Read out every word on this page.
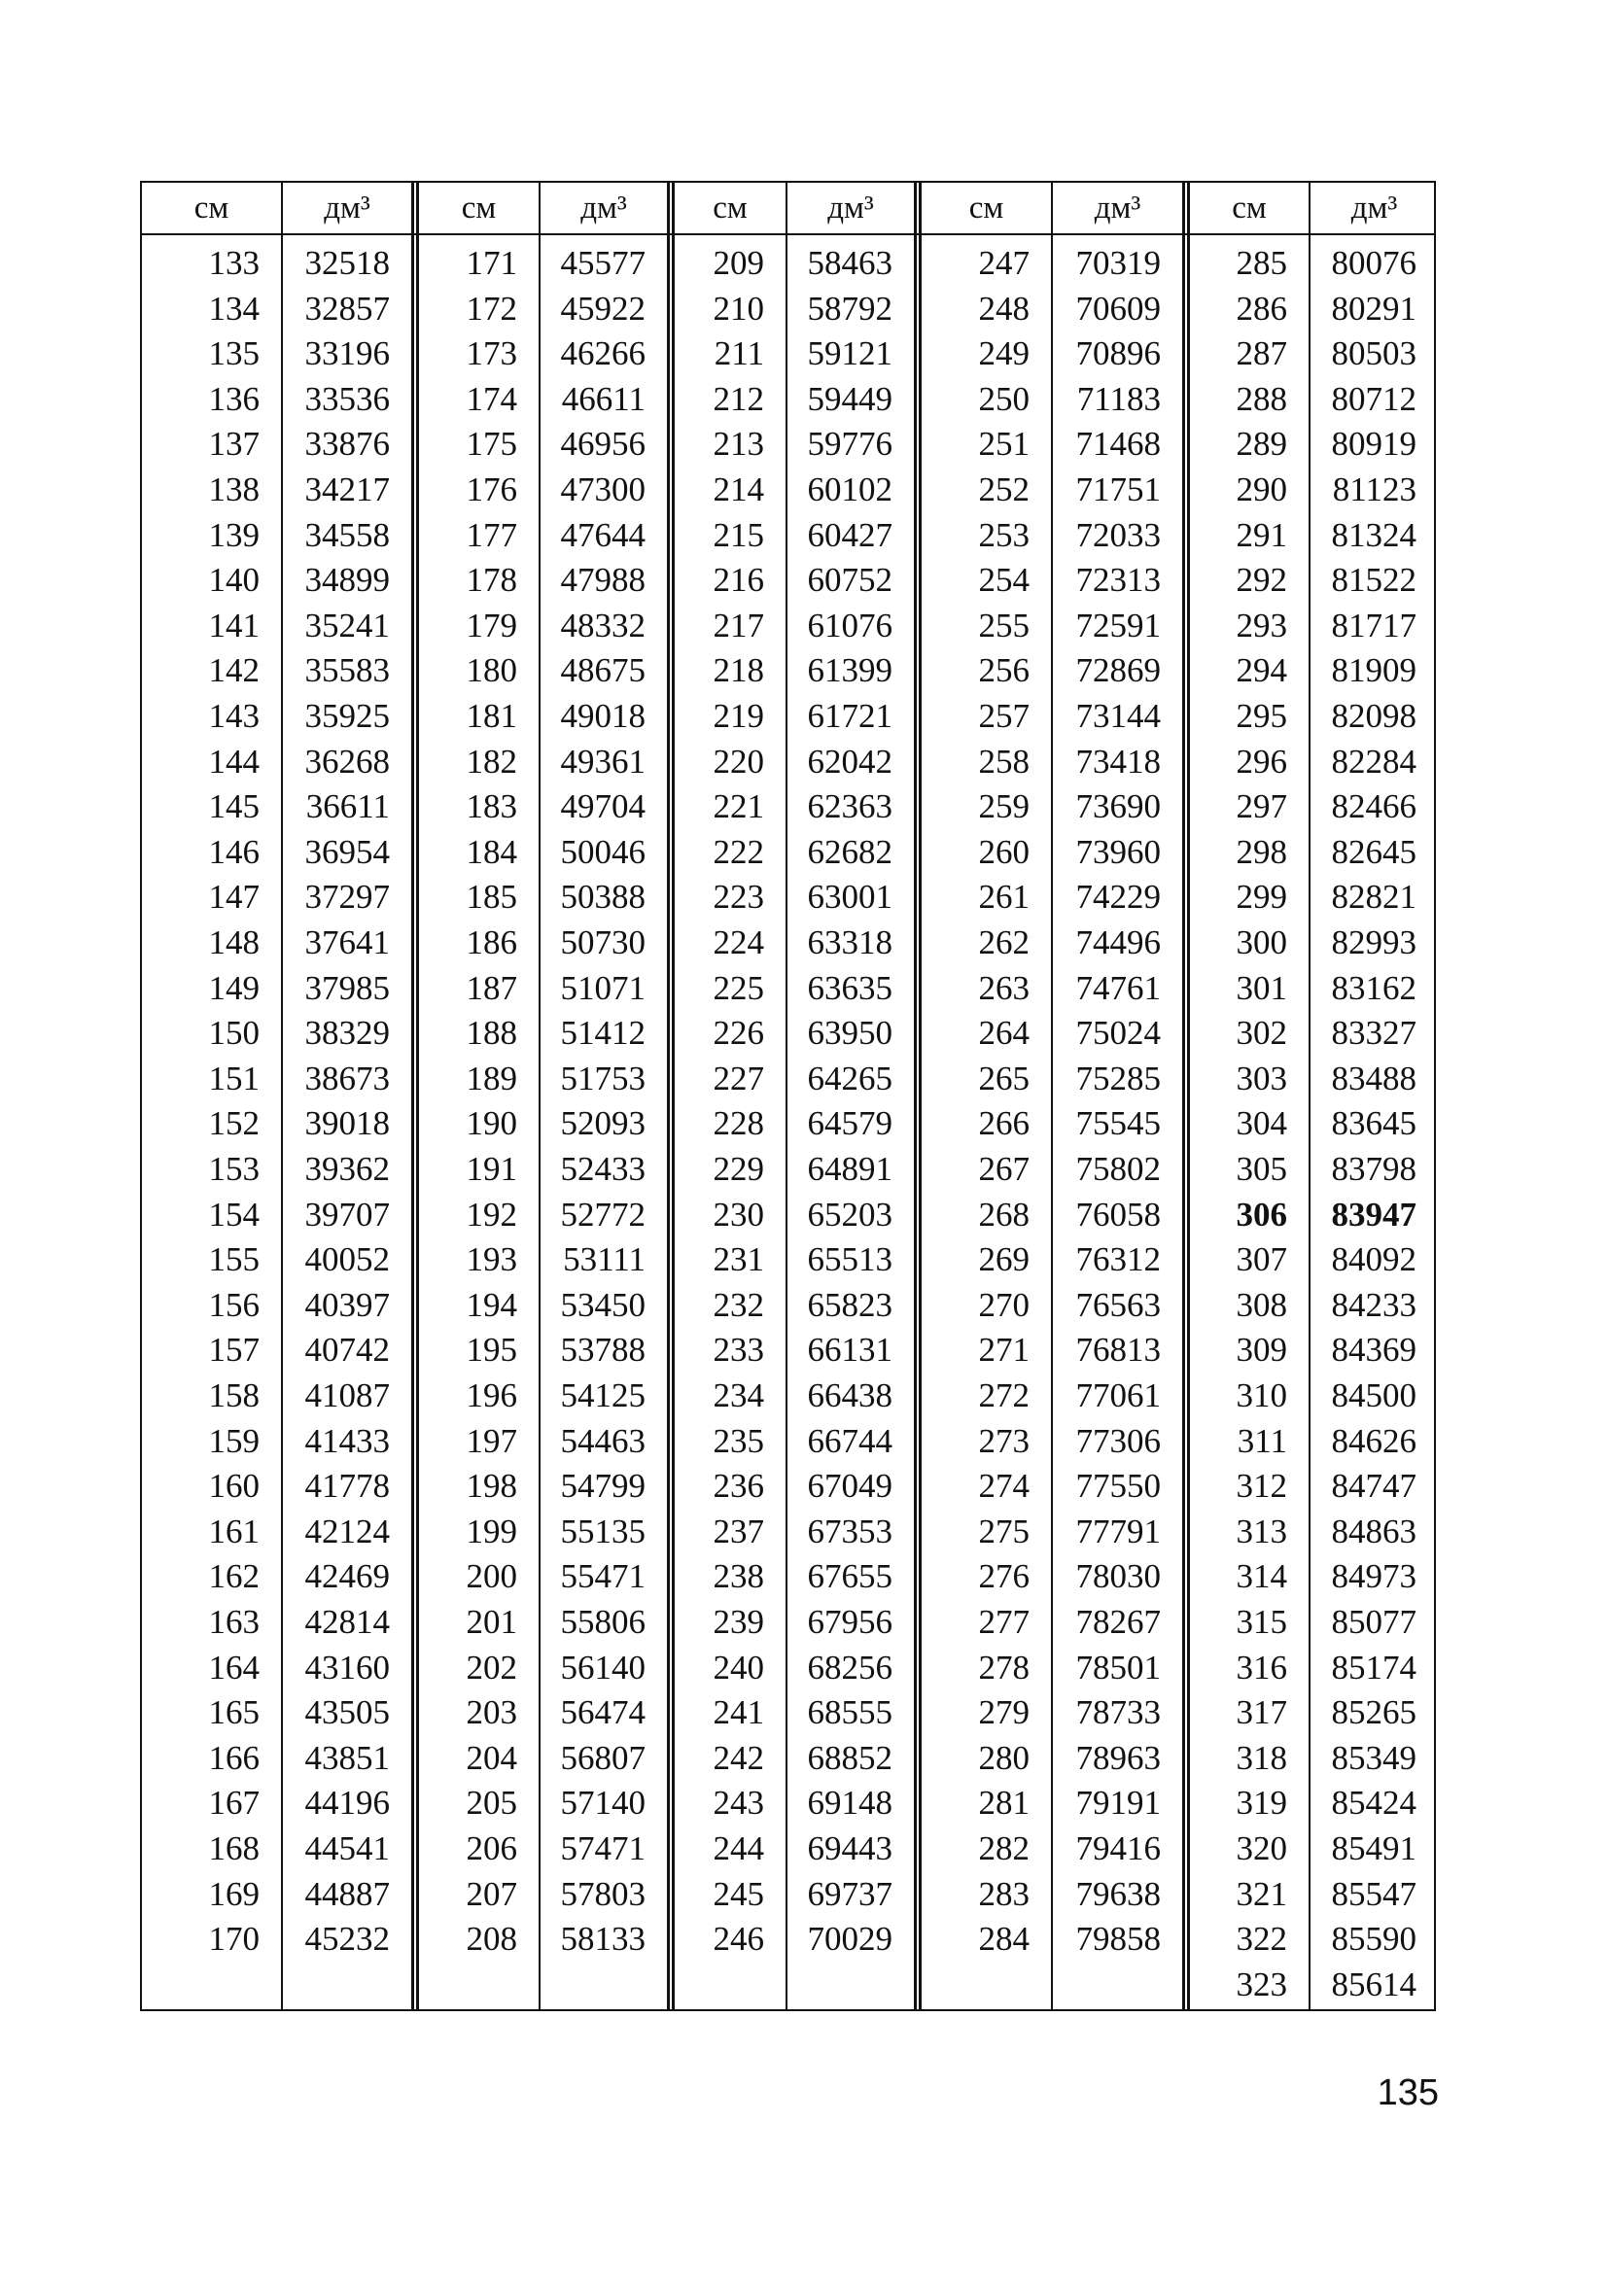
см	дм³
133	32518
134	32857
135	33196
136	33536
137	33876
138	34217
139	34558
140	34899
141	35241
142	35583
143	35925
144	36268
145	36611
146	36954
147	37297
148	37641
149	37985
150	38329
151	38673
152	39018
153	39362
154	39707
155	40052
156	40397
157	40742
158	41087
159	41433
160	41778
161	42124
162	42469
163	42814
164	43160
165	43505
166	43851
167	44196
168	44541
169	44887
170	45232
см	дм³
171	45577
172	45922
173	46266
174	46611
175	46956
176	47300
177	47644
178	47988
179	48332
180	48675
181	49018
182	49361
183	49704
184	50046
185	50388
186	50730
187	51071
188	51412
189	51753
190	52093
191	52433
192	52772
193	53111
194	53450
195	53788
196	54125
197	54463
198	54799
199	55135
200	55471
201	55806
202	56140
203	56474
204	56807
205	57140
206	57471
207	57803
208	58133
см	дм³
209	58463
210	58792
211	59121
212	59449
213	59776
214	60102
215	60427
216	60752
217	61076
218	61399
219	61721
220	62042
221	62363
222	62682
223	63001
224	63318
225	63635
226	63950
227	64265
228	64579
229	64891
230	65203
231	65513
232	65823
233	66131
234	66438
235	66744
236	67049
237	67353
238	67655
239	67956
240	68256
241	68555
242	68852
243	69148
244	69443
245	69737
246	70029
см	дм³
247	70319
248	70609
249	70896
250	71183
251	71468
252	71751
253	72033
254	72313
255	72591
256	72869
257	73144
258	73418
259	73690
260	73960
261	74229
262	74496
263	74761
264	75024
265	75285
266	75545
267	75802
268	76058
269	76312
270	76563
271	76813
272	77061
273	77306
274	77550
275	77791
276	78030
277	78267
278	78501
279	78733
280	78963
281	79191
282	79416
283	79638
284	79858
см	дм³
285	80076
286	80291
287	80503
288	80712
289	80919
290	81123
291	81324
292	81522
293	81717
294	81909
295	82098
296	82284
297	82466
298	82645
299	82821
300	82993
301	83162
302	83327
303	83488
304	83645
305	83798
306	83947
307	84092
308	84233
309	84369
310	84500
311	84626
312	84747
313	84863
314	84973
315	85077
316	85174
317	85265
318	85349
319	85424
320	85491
321	85547
322	85590
323	85614
135
